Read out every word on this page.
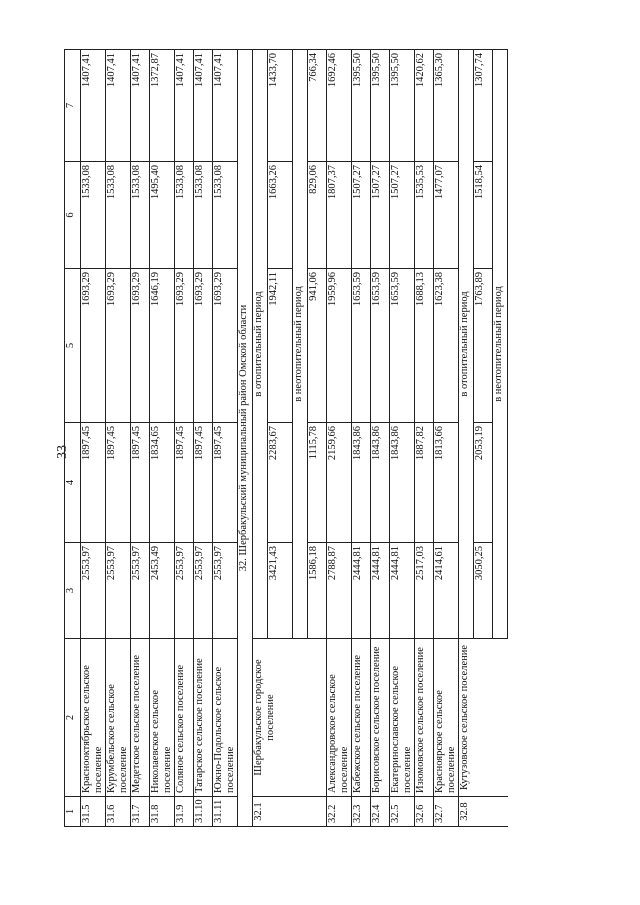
33
1	2	3	4	5	6	7
31.5	Краснооктябрьское сельское поселение	2553,97	1897,45	1693,29	1533,08	1407,41
31.6	Курумбельское сельское поселение	2553,97	1897,45	1693,29	1533,08	1407,41
31.7	Медетское сельское поселение	2553,97	1897,45	1693,29	1533,08	1407,41
31.8	Николаевское сельское поселение	2453,49	1834,65	1646,19	1495,40	1372,87
31.9	Соляное сельское поселение	2553,97	1897,45	1693,29	1533,08	1407,41
31.10	Татарское сельское поселение	2553,97	1897,45	1693,29	1533,08	1407,41
31.11	Южно-Подольское сельское поселение	2553,97	1897,45	1693,29	1533,08	1407,41
32. Шербакульский муниципальный район Омской области						
32.1	Шербакульское городское поселение	в отопительный период				
		3421,43	2283,67	1942,11	1663,26	1433,70
		в неотопительный период				
		1586,18	1115,78	941,06	829,06	766,34
32.2	Александровское сельское поселение	2788,87	2159,66	1959,96	1807,37	1692,46
32.3	Кабежское сельское поселение	2444,81	1843,86	1653,59	1507,27	1395,50
32.4	Борисовское сельское поселение	2444,81	1843,86	1653,59	1507,27	1395,50
32.5	Екатеринославское сельское поселение	2444,81	1843,86	1653,59	1507,27	1395,50
32.6	Изюмовское сельское поселение	2517,03	1887,82	1688,13	1535,53	1420,62
32.7	Красноярское сельское поселение	2414,61	1813,66	1623,38	1477,07	1365,30
32.8	Кутузовское сельское поселение	в отопительный период				
		3050,25	2053,19	1763,89	1518,54	1307,74
		в неотопительный период				
